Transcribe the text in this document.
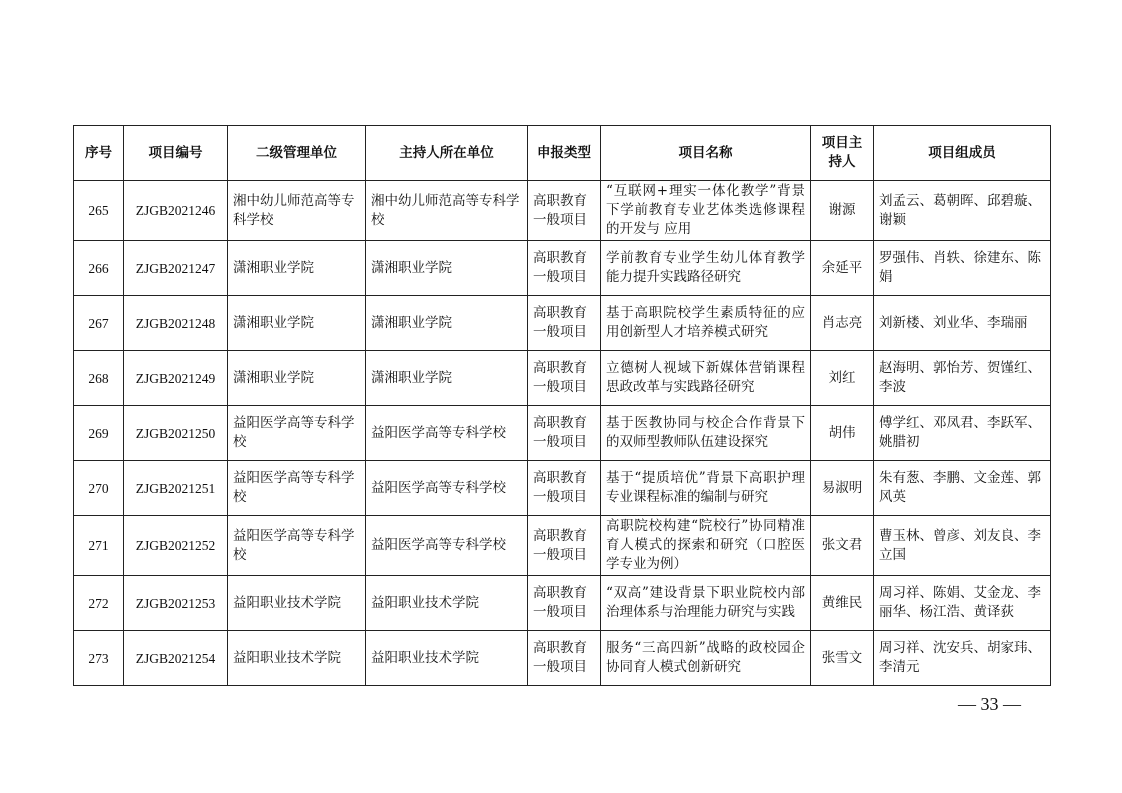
序号	项目编号	二级管理单位	主持人所在单位	申报类型	项目名称	项目主持人	项目组成员
265	ZJGB2021246	湘中幼儿师范高等专科学校	湘中幼儿师范高等专科学校	高职教育一般项目	“互联网+理实一体化教学”背景下学前教育专业艺体类选修课程的开发与 应用	谢源	刘孟云、葛朝晖、邱碧璇、谢颖
266	ZJGB2021247	潇湘职业学院	潇湘职业学院	高职教育一般项目	学前教育专业学生幼儿体育教学能力提升实践路径研究	余延平	罗强伟、肖轶、徐建东、陈娟
267	ZJGB2021248	潇湘职业学院	潇湘职业学院	高职教育一般项目	基于高职院校学生素质特征的应用创新型人才培养模式研究	肖志亮	刘新楼、刘业华、李瑞丽
268	ZJGB2021249	潇湘职业学院	潇湘职业学院	高职教育一般项目	立德树人视域下新媒体营销课程思政改革与实践路径研究	刘红	赵海明、郭怡芳、贺馑红、李波
269	ZJGB2021250	益阳医学高等专科学校	益阳医学高等专科学校	高职教育一般项目	基于医教协同与校企合作背景下的双师型教师队伍建设探究	胡伟	傅学红、邓凤君、李跃军、姚腊初
270	ZJGB2021251	益阳医学高等专科学校	益阳医学高等专科学校	高职教育一般项目	基于“提质培优”背景下高职护理专业课程标准的编制与研究	易淑明	朱有葱、李鹏、文金莲、郭风英
271	ZJGB2021252	益阳医学高等专科学校	益阳医学高等专科学校	高职教育一般项目	高职院校构建“院校行”协同精准育人模式的探索和研究（口腔医学专业为例）	张文君	曹玉林、曾彦、刘友良、李立国
272	ZJGB2021253	益阳职业技术学院	益阳职业技术学院	高职教育一般项目	“双高”建设背景下职业院校内部治理体系与治理能力研究与实践	黄维民	周习祥、陈娟、艾金龙、李丽华、杨江浩、黄译荻
273	ZJGB2021254	益阳职业技术学院	益阳职业技术学院	高职教育一般项目	服务“三高四新”战略的政校园企协同育人模式创新研究	张雪文	周习祥、沈安兵、胡家玮、李清元
— 33 —
